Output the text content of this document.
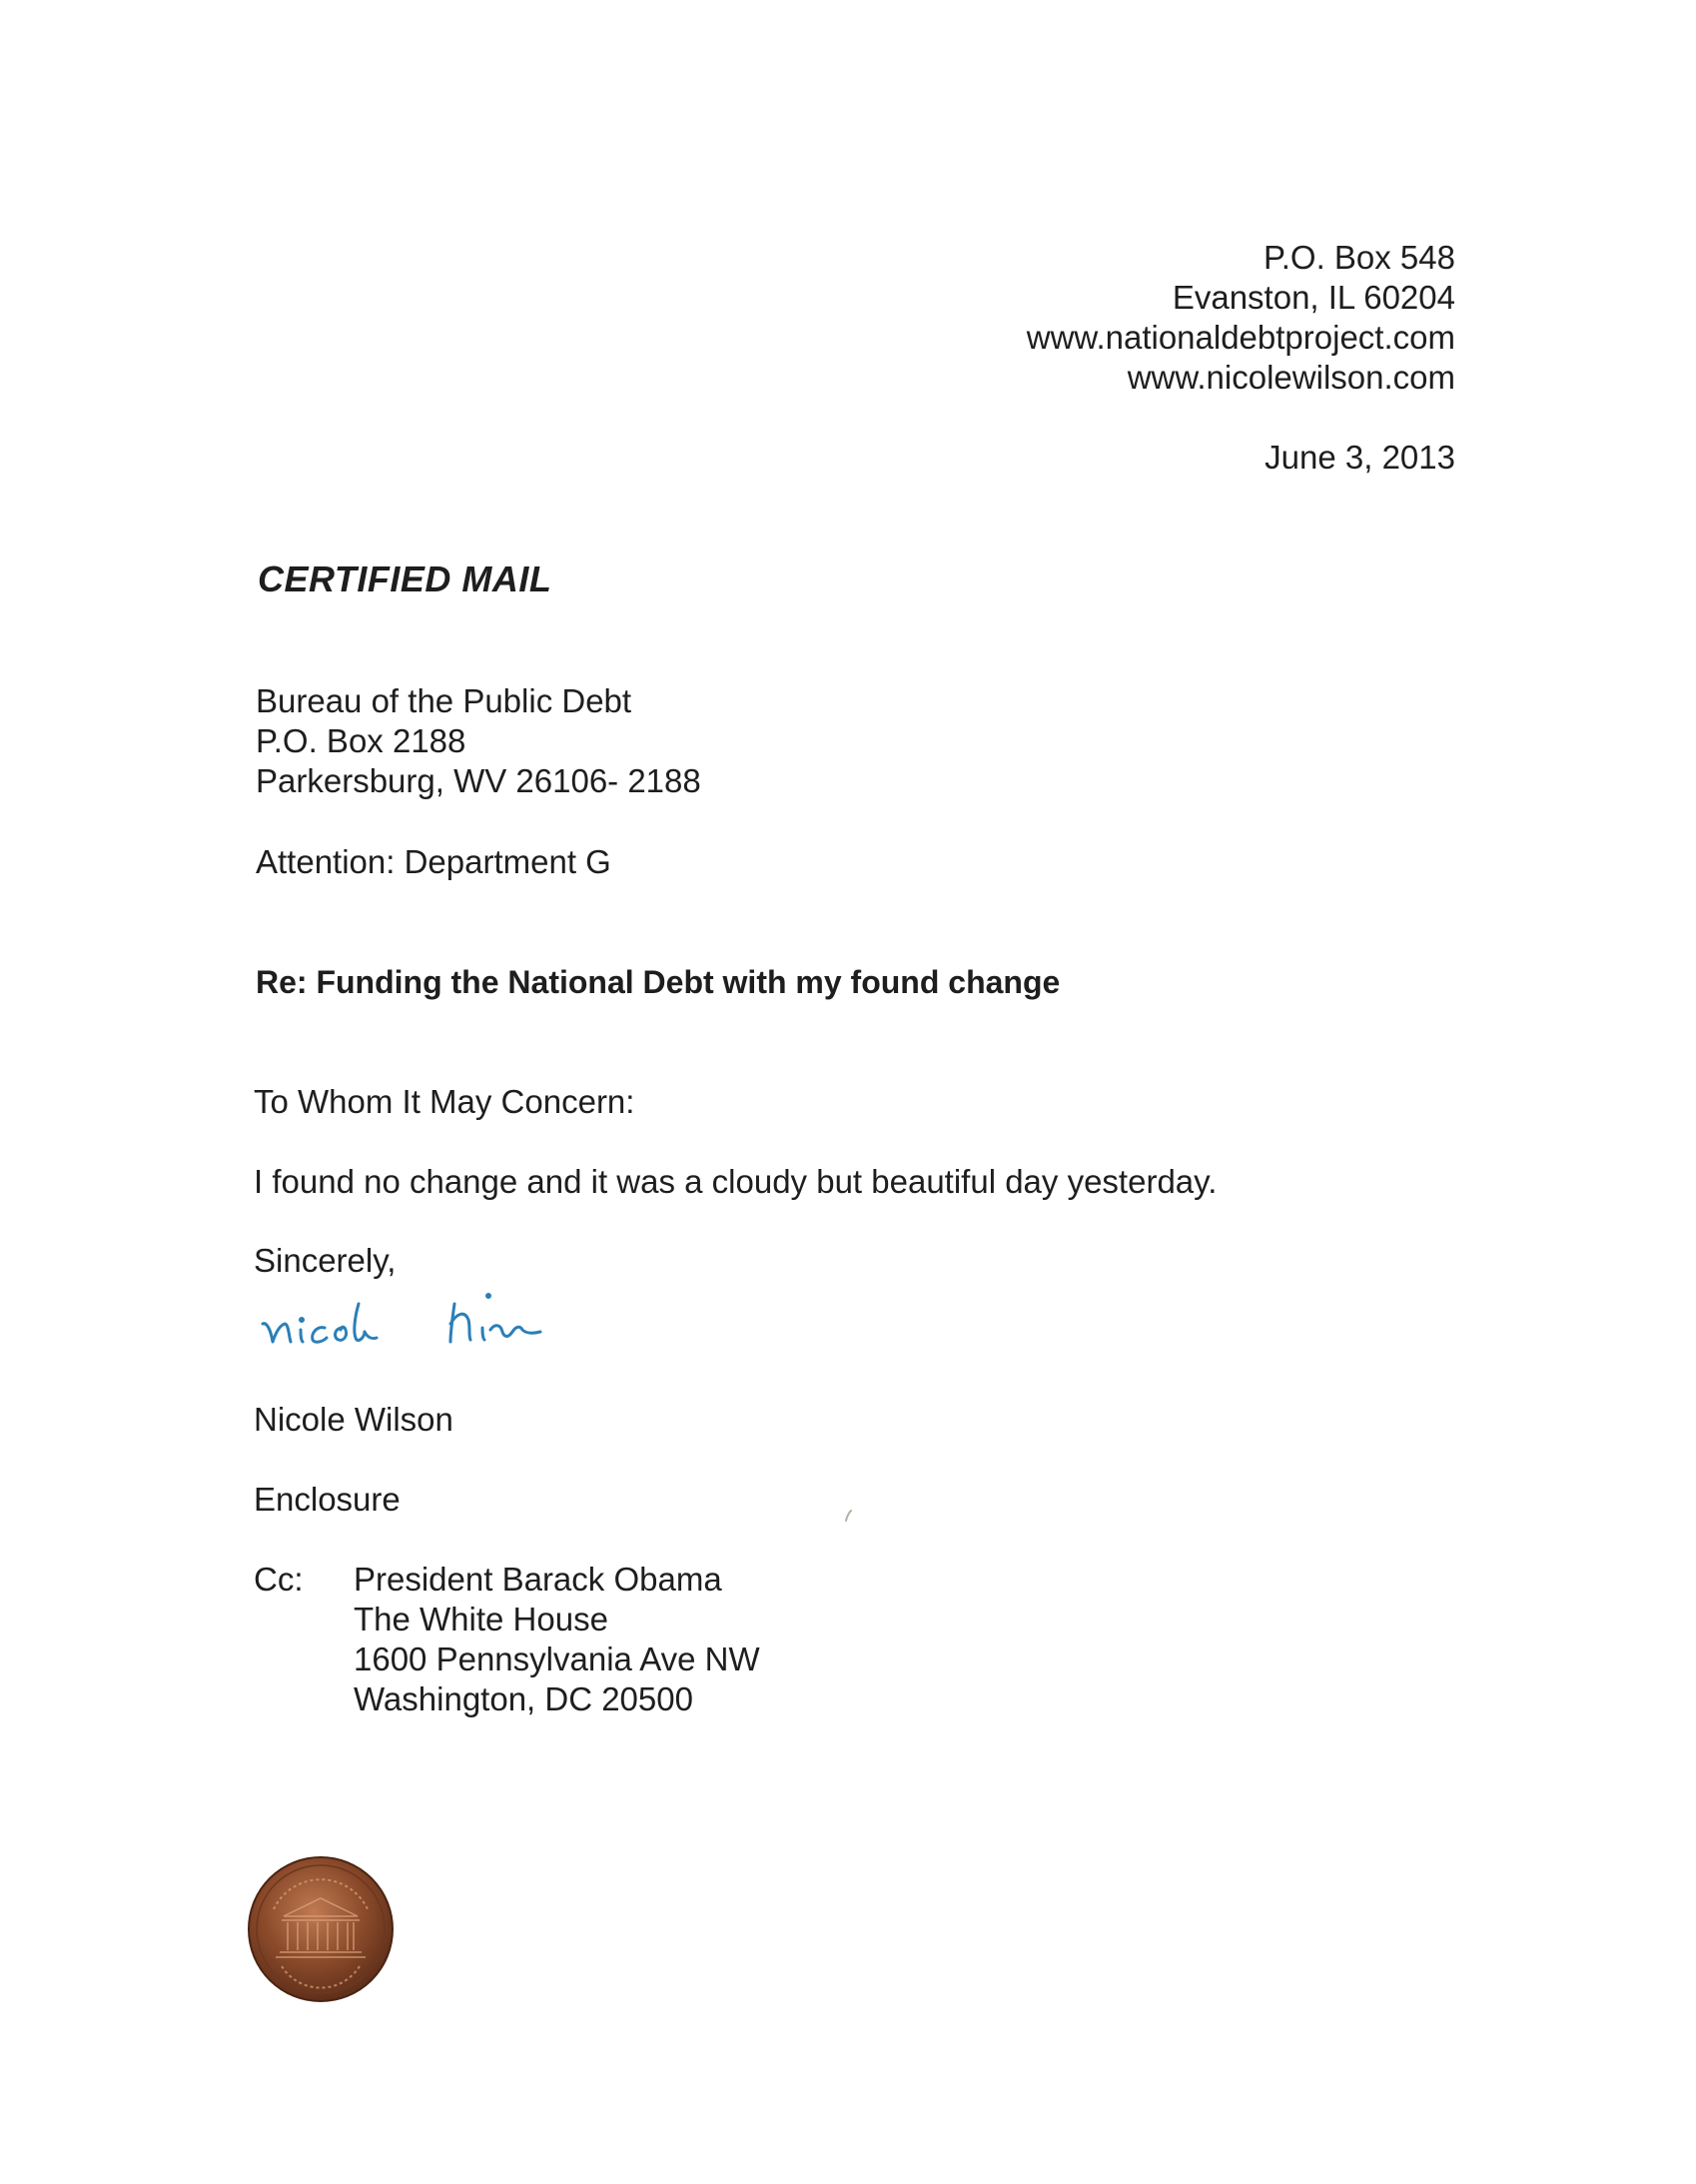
P.O. Box 548
Evanston, IL 60204
www.nationaldebtproject.com
www.nicolewilson.com
June 3, 2013
CERTIFIED MAIL
Bureau of the Public Debt
P.O. Box 2188
Parkersburg, WV 26106- 2188
Attention: Department G
Re: Funding the National Debt with my found change
To Whom It May Concern:
I found no change and it was a cloudy but beautiful day yesterday.
Sincerely,
Nicole Wilson
Enclosure
Cc:	President Barack Obama
The White House
1600 Pennsylvania Ave NW
Washington, DC 20500
